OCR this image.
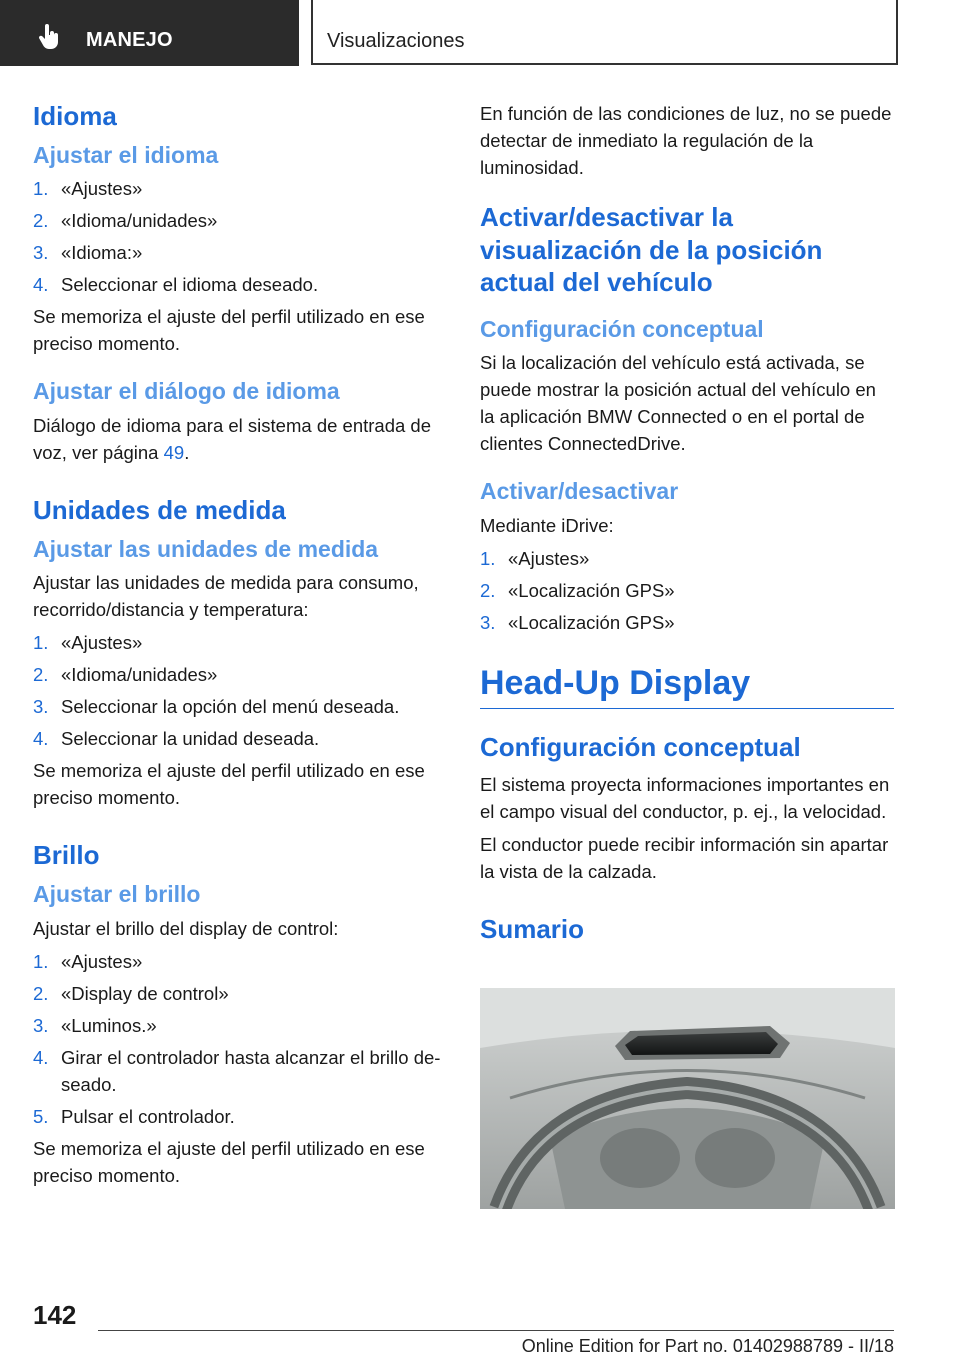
MANEJO	Visualizaciones
Idioma
Ajustar el idioma
1. «Ajustes»
2. «Idioma/unidades»
3. «Idioma:»
4. Seleccionar el idioma deseado.

Se memoriza el ajuste del perfil utilizado en ese preciso momento.

Ajustar el diálogo de idioma

Diálogo de idioma para el sistema de entrada de voz, ver página 49.

Unidades de medida
Ajustar las unidades de medida

Ajustar las unidades de medida para consumo, recorrido/distancia y temperatura:

1. «Ajustes»
2. «Idioma/unidades»
3. Seleccionar la opción del menú deseada.
4. Seleccionar la unidad deseada.

Se memoriza el ajuste del perfil utilizado en ese preciso momento.

Brillo
Ajustar el brillo

Ajustar el brillo del display de control:

1. «Ajustes»
2. «Display de control»
3. «Luminos.»
4. Girar el controlador hasta alcanzar el brillo deseado.
5. Pulsar el controlador.

Se memoriza el ajuste del perfil utilizado en ese preciso momento.

En función de las condiciones de luz, no se puede detectar de inmediato la regulación de la luminosidad.

Activar/desactivar la visualización de la posición actual del vehículo
Configuración conceptual

Si la localización del vehículo está activada, se puede mostrar la posición actual del vehículo en la aplicación BMW Connected o en el portal de clientes ConnectedDrive.

Activar/desactivar

Mediante iDrive:

1. «Ajustes»
2. «Localización GPS»
3. «Localización GPS»
Head-Up Display
Configuración conceptual

El sistema proyecta informaciones importantes en el campo visual del conductor, p. ej., la velocidad.

El conductor puede recibir información sin apartar la vista de la calzada.

Sumario
142
Online Edition for Part no. 01402988789 - II/18
